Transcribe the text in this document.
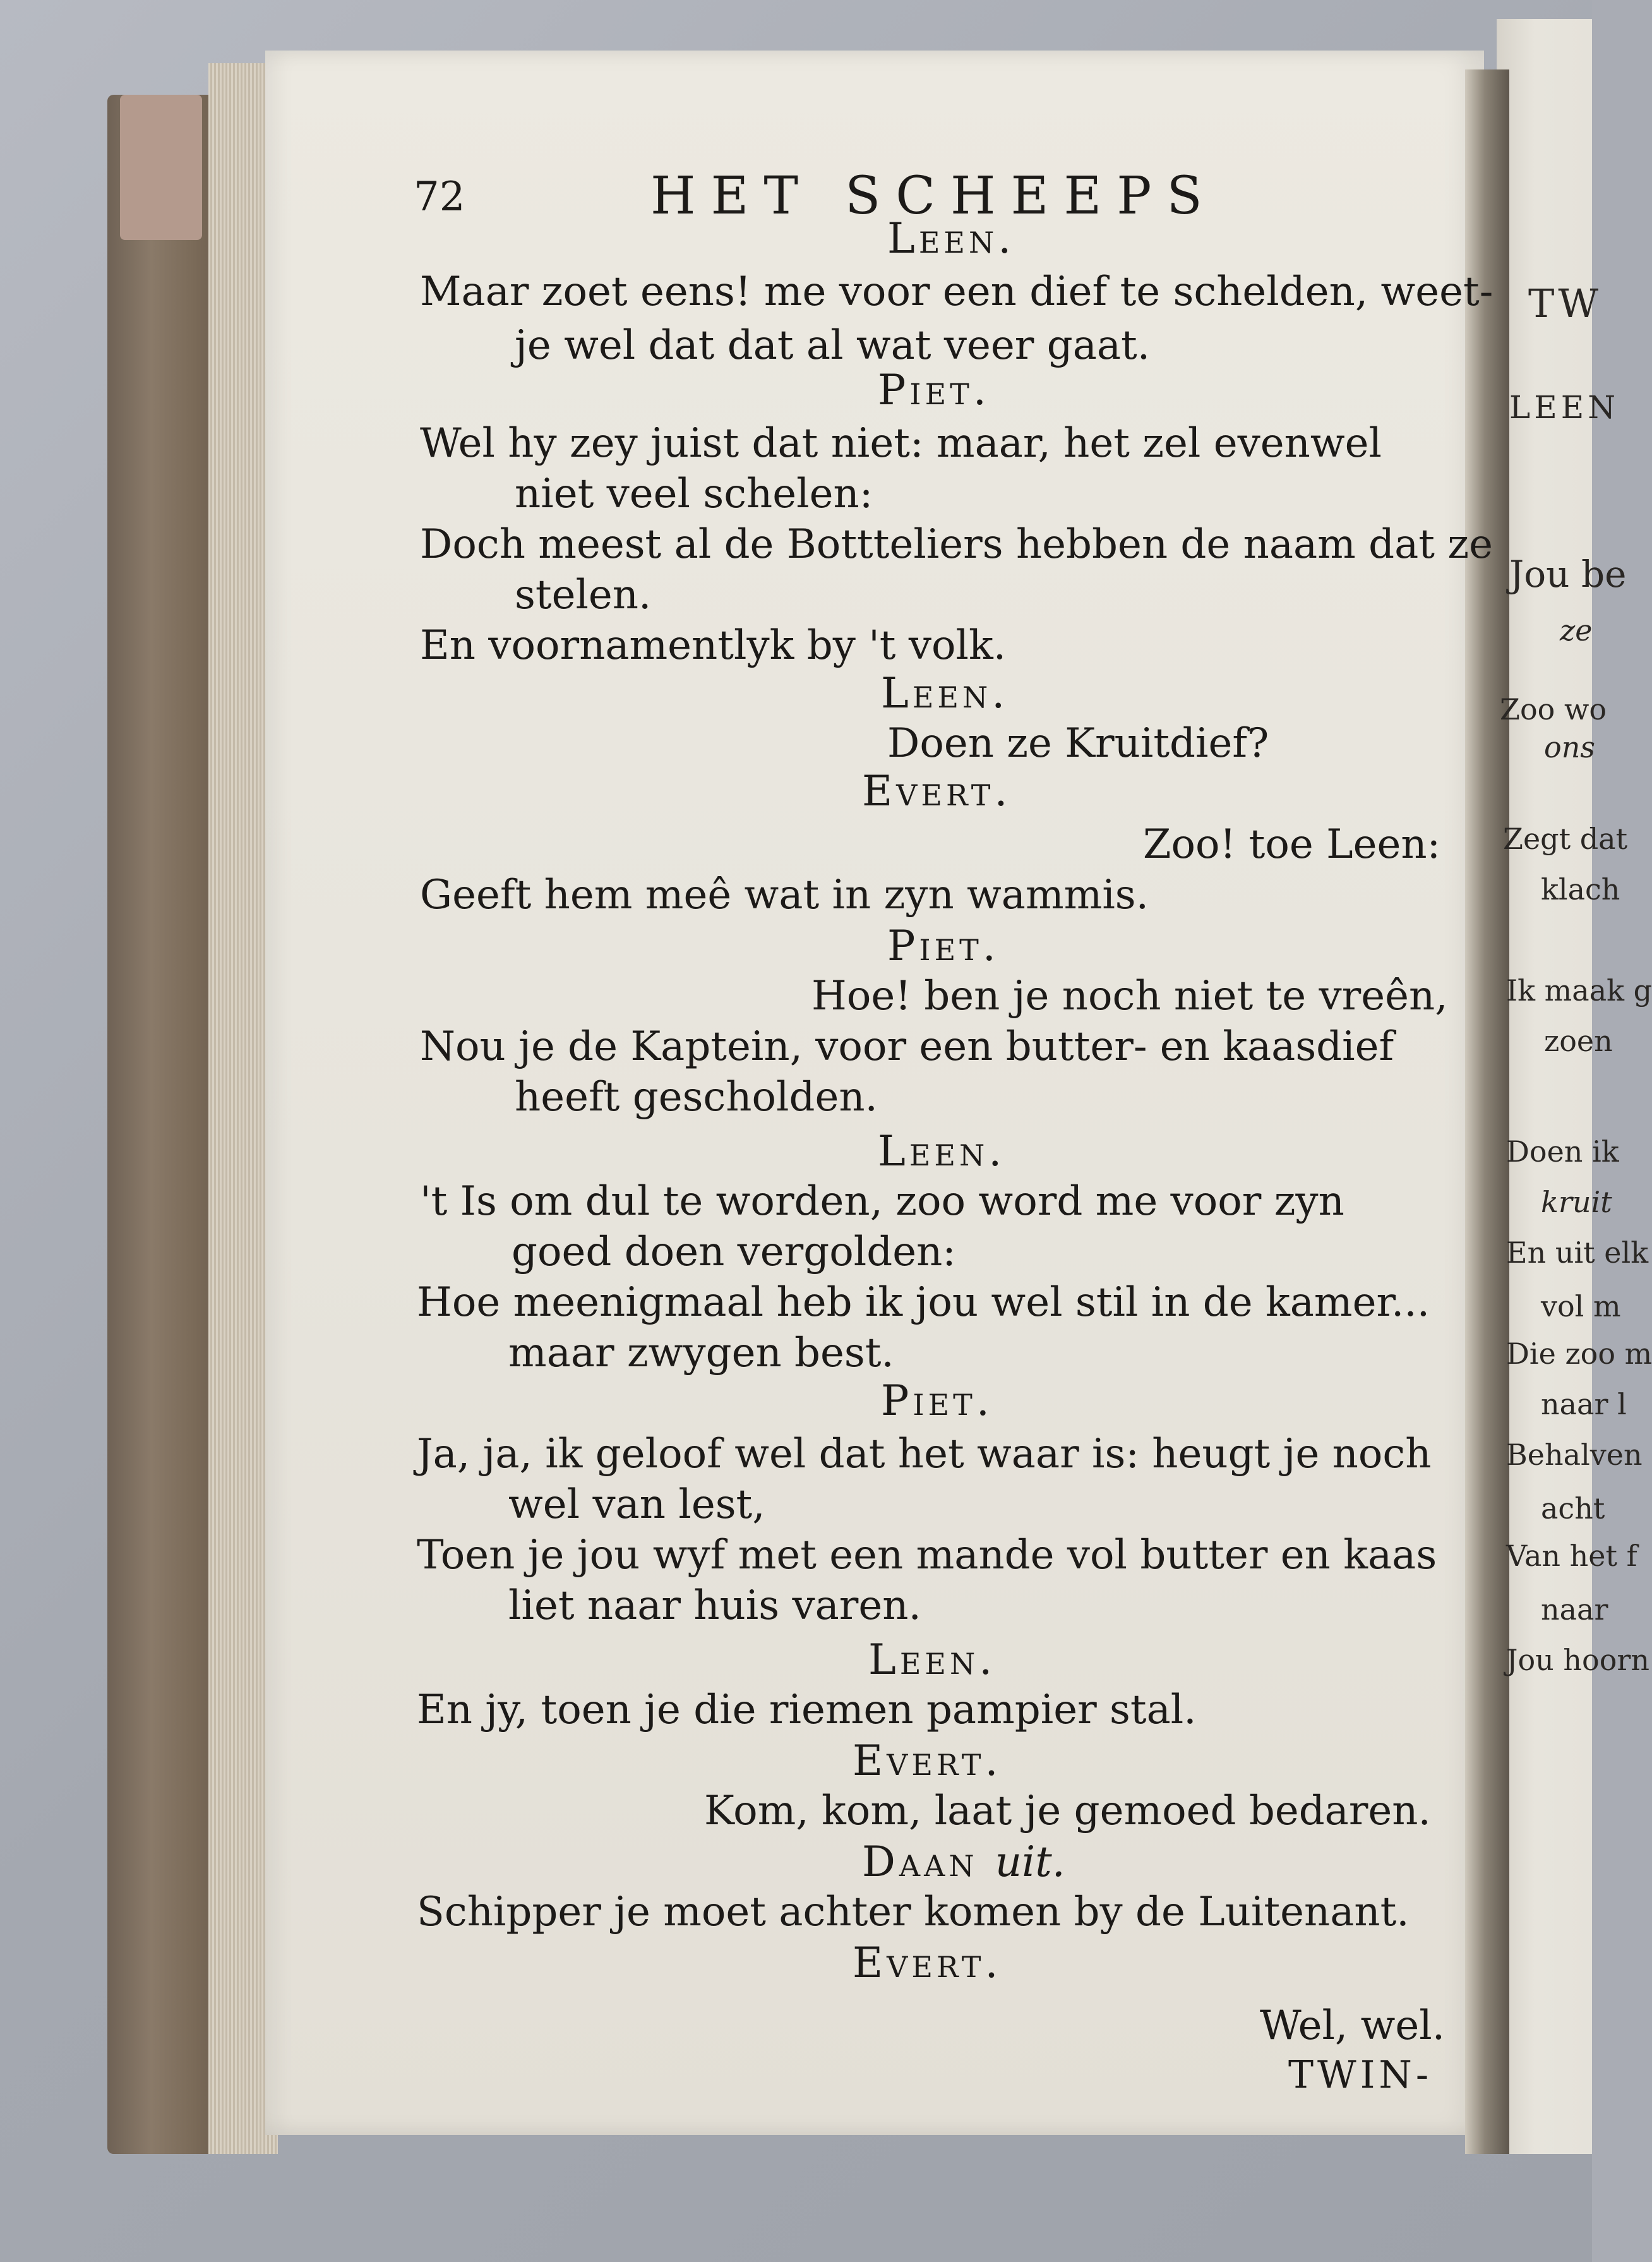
72	HET SCHEEPS
Leen.
Maar zoet eens! me voor een dief te schelden, weet-
je wel dat dat al wat veer gaat.
Piet.
Wel hy zey juist dat niet: maar, het zel evenwel
niet veel schelen:
Doch meest al de Bottteliers hebben de naam dat ze
stelen.
En voornamentlyk by 't volk.
Leen.
Doen ze Kruitdief?
Evert.
Zoo! toe Leen:
Geeft hem meê wat in zyn wammis.
Piet.
Hoe! ben je noch niet te vreên,
Nou je de Kaptein, voor een butter- en kaasdief
heeft gescholden.
Leen.
't Is om dul te worden, zoo word me voor zyn
goed doen vergolden:
Hoe meenigmaal heb ik jou wel stil in de kamer...
maar zwygen best.
Piet.
Ja, ja, ik geloof wel dat het waar is: heugt je noch
wel van lest,
Toen je jou wyf met een mande vol butter en kaas
liet naar huis varen.
Leen.
En jy, toen je die riemen pampier stal.
Evert.
Kom, kom, laat je gemoed bedaren.
Daan uit.
Schipper je moet achter komen by de Luitenant.
Evert.
Wel, wel.
TWIN-
TW
LEEN
Jou be
ze
Zoo wo
ons
Zegt dat
klach
Ik maak g
zoen
Doen ik
kruit
En uit elk
vol m
Die zoo m
naar l
Behalven
acht
Van het f
naar
Jou hoorn
